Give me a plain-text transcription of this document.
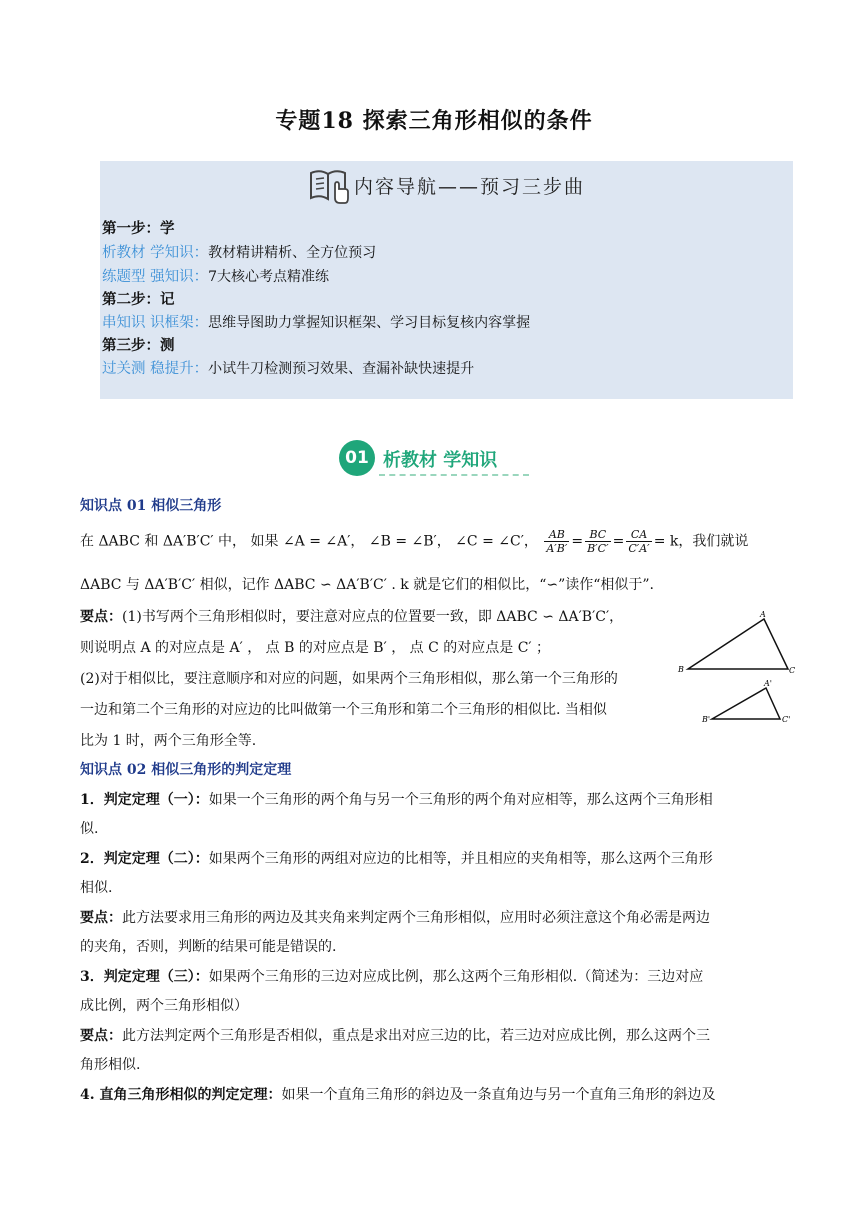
专题18 探索三角形相似的条件
内容导航——预习三步曲
第一步：学
析教材 学知识：教材精讲精析、全方位预习
练题型 强知识：7大核心考点精准练
第二步：记
串知识 识框架：思维导图助力掌握知识框架、学习目标复核内容掌握
第三步：测
过关测 稳提升：小试牛刀检测预习效果、查漏补缺快速提升
01 析教材 学知识
知识点 01 相似三角形
在 ΔABC 和 ΔA′B′C′ 中， 如果 ∠A = ∠A′， ∠B = ∠B′， ∠C = ∠C′， $\frac{AB}{A'B'} = \frac{BC}{B'C'} = \frac{CA}{C'A'} = k$，我们就说
ΔABC 与 ΔA′B′C′ 相似，记作 ΔABC ∽ ΔA′B′C′ . k 就是它们的相似比，“∽”读作“相似于”.
要点：(1)书写两个三角形相似时，要注意对应点的位置要一致，即 ΔABC ∽ ΔA′B′C′，
则说明点 A 的对应点是 A′ ， 点 B 的对应点是 B′ ， 点 C 的对应点是 C′ ；
(2)对于相似比，要注意顺序和对应的问题，如果两个三角形相似，那么第一个三角形的
一边和第二个三角形的对应边的比叫做第一个三角形和第二个三角形的相似比. 当相似
比为 1 时，两个三角形全等.
A
B	C
A'
B'	C'
知识点 02 相似三角形的判定定理
1．判定定理（一）：如果一个三角形的两个角与另一个三角形的两个角对应相等，那么这两个三角形相
似.
2．判定定理（二）：如果两个三角形的两组对应边的比相等，并且相应的夹角相等，那么这两个三角形
相似.
要点：此方法要求用三角形的两边及其夹角来判定两个三角形相似，应用时必须注意这个角必需是两边
的夹角，否则，判断的结果可能是错误的.
3．判定定理（三）：如果两个三角形的三边对应成比例，那么这两个三角形相似.（简述为：三边对应
成比例，两个三角形相似）
要点：此方法判定两个三角形是否相似，重点是求出对应三边的比，若三边对应成比例，那么这两个三
角形相似.
4. 直角三角形相似的判定定理：如果一个直角三角形的斜边及一条直角边与另一个直角三角形的斜边及
